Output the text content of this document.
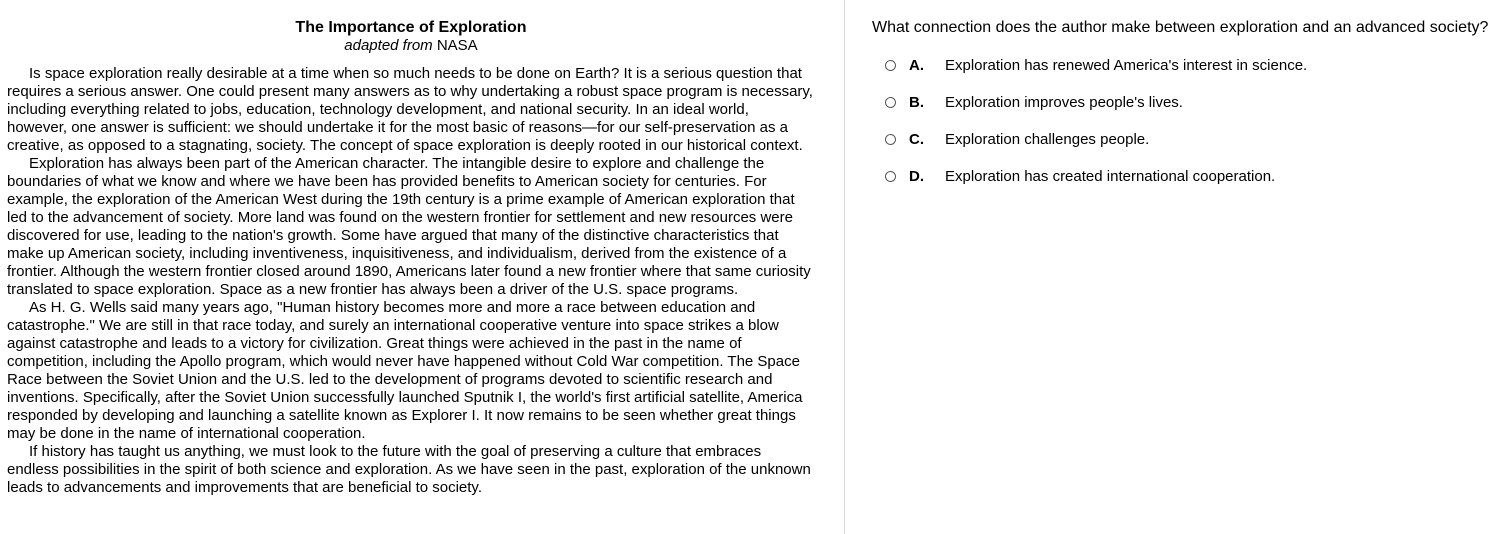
The Importance of Exploration

adapted from NASA

Is space exploration really desirable at a time when so much needs to be done on Earth? It is a serious question that requires a serious answer. One could present many answers as to why undertaking a robust space program is necessary, including everything related to jobs, education, technology development, and national security. In an ideal world, however, one answer is sufficient: we should undertake it for the most basic of reasons—for our self-preservation as a creative, as opposed to a stagnating, society. The concept of space exploration is deeply rooted in our historical context.

Exploration has always been part of the American character. The intangible desire to explore and challenge the boundaries of what we know and where we have been has provided benefits to American society for centuries. For example, the exploration of the American West during the 19th century is a prime example of American exploration that led to the advancement of society. More land was found on the western frontier for settlement and new resources were discovered for use, leading to the nation's growth. Some have argued that many of the distinctive characteristics that make up American society, including inventiveness, inquisitiveness, and individualism, derived from the existence of a frontier. Although the western frontier closed around 1890, Americans later found a new frontier where that same curiosity translated to space exploration. Space as a new frontier has always been a driver of the U.S. space programs.

As H. G. Wells said many years ago, "Human history becomes more and more a race between education and catastrophe." We are still in that race today, and surely an international cooperative venture into space strikes a blow against catastrophe and leads to a victory for civilization. Great things were achieved in the past in the name of competition, including the Apollo program, which would never have happened without Cold War competition. The Space Race between the Soviet Union and the U.S. led to the development of programs devoted to scientific research and inventions. Specifically, after the Soviet Union successfully launched Sputnik I, the world's first artificial satellite, America responded by developing and launching a satellite known as Explorer I. It now remains to be seen whether great things may be done in the name of international cooperation.

If history has taught us anything, we must look to the future with the goal of preserving a culture that embraces endless possibilities in the spirit of both science and exploration. As we have seen in the past, exploration of the unknown leads to advancements and improvements that are beneficial to society.

What connection does the author make between exploration and an advanced society?
A.	Exploration has renewed America's interest in science.
B.	Exploration improves people's lives.
C.	Exploration challenges people.
D.	Exploration has created international cooperation.
